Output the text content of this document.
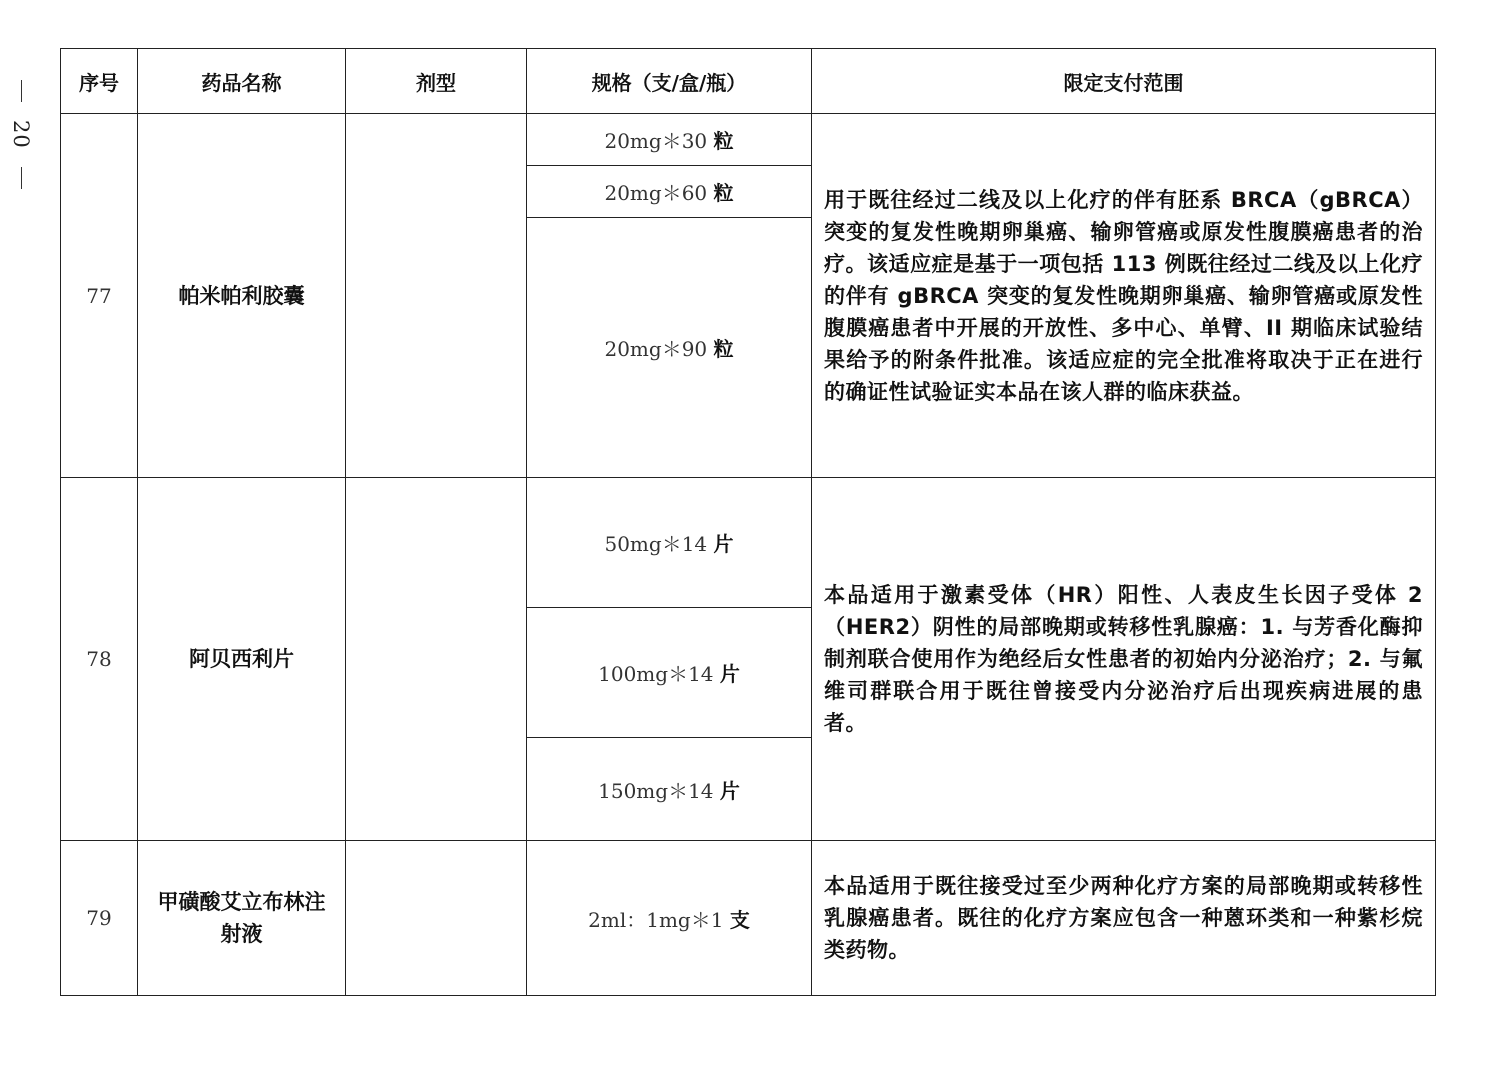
20
序号	药品名称	剂型	规格（支/盒/瓶）	限定支付范围
77	帕米帕利胶囊		20mg＊30 粒	用于既往经过二线及以上化疗的伴有胚系 BRCA（gBRCA）突变的复发性晚期卵巢癌、输卵管癌或原发性腹膜癌患者的治疗。该适应症是基于一项包括 113 例既往经过二线及以上化疗的伴有 gBRCA 突变的复发性晚期卵巢癌、输卵管癌或原发性腹膜癌患者中开展的开放性、多中心、单臂、II 期临床试验结果给予的附条件批准。该适应症的完全批准将取决于正在进行的确证性试验证实本品在该人群的临床获益。
			20mg＊60 粒	
			20mg＊90 粒	
78	阿贝西利片		50mg＊14 片	本品适用于激素受体（HR）阳性、人表皮生长因子受体 2（HER2）阴性的局部晚期或转移性乳腺癌：1. 与芳香化酶抑制剂联合使用作为绝经后女性患者的初始内分泌治疗；2. 与氟维司群联合用于既往曾接受内分泌治疗后出现疾病进展的患者。
			100mg＊14 片	
			150mg＊14 片	
79	甲磺酸艾立布林注射液		2ml：1mg＊1 支	本品适用于既往接受过至少两种化疗方案的局部晚期或转移性乳腺癌患者。既往的化疗方案应包含一种蒽环类和一种紫杉烷类药物。
